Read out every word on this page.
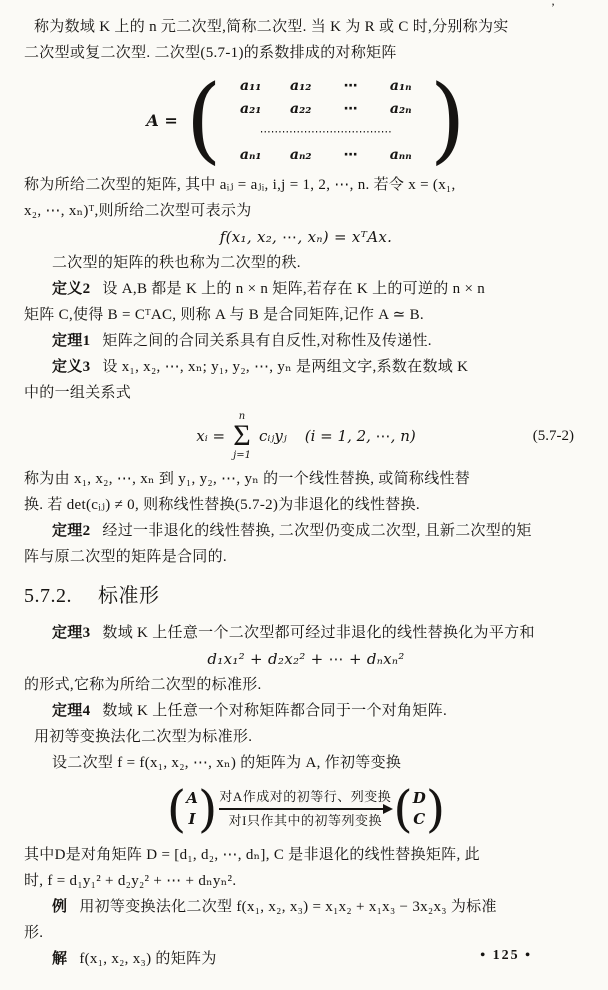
’
称为数域 K 上的 n 元二次型,简称二次型. 当 K 为 R 或 C 时,分别称为实
二次型或复二次型. 二次型(5.7-1)的系数排成的对称矩阵
A = (	a₁₁	a₁₂	⋯	a₁ₙ
a₂₁	a₂₂	⋯	a₂ₙ
⋯⋯⋯⋯⋯⋯⋯⋯⋯⋯⋯⋯
aₙ₁	aₙ₂	⋯	aₙₙ )
称为所给二次型的矩阵, 其中 aᵢⱼ = aⱼᵢ, i,j = 1, 2, ⋯, n. 若令 x = (x₁,
x₂, ⋯, xₙ)ᵀ,则所给二次型可表示为
f(x₁, x₂, ⋯, xₙ) = xᵀAx.
二次型的矩阵的秩也称为二次型的秩.
定义2 设 A,B 都是 K 上的 n × n 矩阵,若存在 K 上的可逆的 n × n
矩阵 C,使得 B = CᵀAC, 则称 A 与 B 是合同矩阵,记作 A ≃ B.
定理1 矩阵之间的合同关系具有自反性,对称性及传递性.
定义3 设 x₁, x₂, ⋯, xₙ; y₁, y₂, ⋯, yₙ 是两组文字,系数在数域 K
中的一组关系式
xᵢ =
n
Σ
j=1
cᵢⱼyⱼ (i = 1, 2, ⋯, n)	(5.7-2)
称为由 x₁, x₂, ⋯, xₙ 到 y₁, y₂, ⋯, yₙ 的一个线性替换, 或简称线性替
换. 若 det(cᵢⱼ) ≠ 0, 则称线性替换(5.7-2)为非退化的线性替换.
定理2 经过一非退化的线性替换, 二次型仍变成二次型, 且新二次型的矩
阵与原二次型的矩阵是合同的.
5.7.2. 标准形
定理3 数域 K 上任意一个二次型都可经过非退化的线性替换化为平方和
d₁x₁² + d₂x₂² + ⋯ + dₙxₙ²
的形式,它称为所给二次型的标准形.
定理4 数域 K 上任意一个对称矩阵都合同于一个对角矩阵.
用初等变换法化二次型为标准形.
设二次型 f = f(x₁, x₂, ⋯, xₙ) 的矩阵为 A, 作初等变换
( A
I ) 对A作成对的初等行、列变换
对I只作其中的初等列变换 ( D
C )
其中D是对角矩阵 D = [d₁, d₂, ⋯, dₙ], C 是非退化的线性替换矩阵, 此
时, f = d₁y₁² + d₂y₂² + ⋯ + dₙyₙ².
例 用初等变换法化二次型 f(x₁, x₂, x₃) = x₁x₂ + x₁x₃ − 3x₂x₃ 为标准
形.
解 f(x₁, x₂, x₃) 的矩阵为	• 125 •
